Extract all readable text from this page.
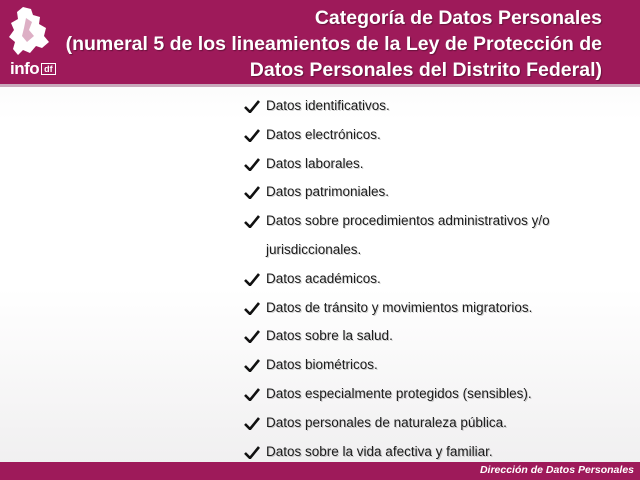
info df
Categoría de Datos Personales
(numeral 5 de los lineamientos de la Ley de Protección de
Datos Personales del Distrito Federal)
Datos identificativos.
Datos electrónicos.
Datos laborales.
Datos patrimoniales.
Datos sobre procedimientos administrativos y/o
jurisdiccionales.
Datos académicos.
Datos de tránsito y movimientos migratorios.
Datos sobre la salud.
Datos biométricos.
Datos especialmente protegidos (sensibles).
Datos personales de naturaleza pública.
Datos sobre la vida afectiva y familiar.
Dirección de Datos Personales
